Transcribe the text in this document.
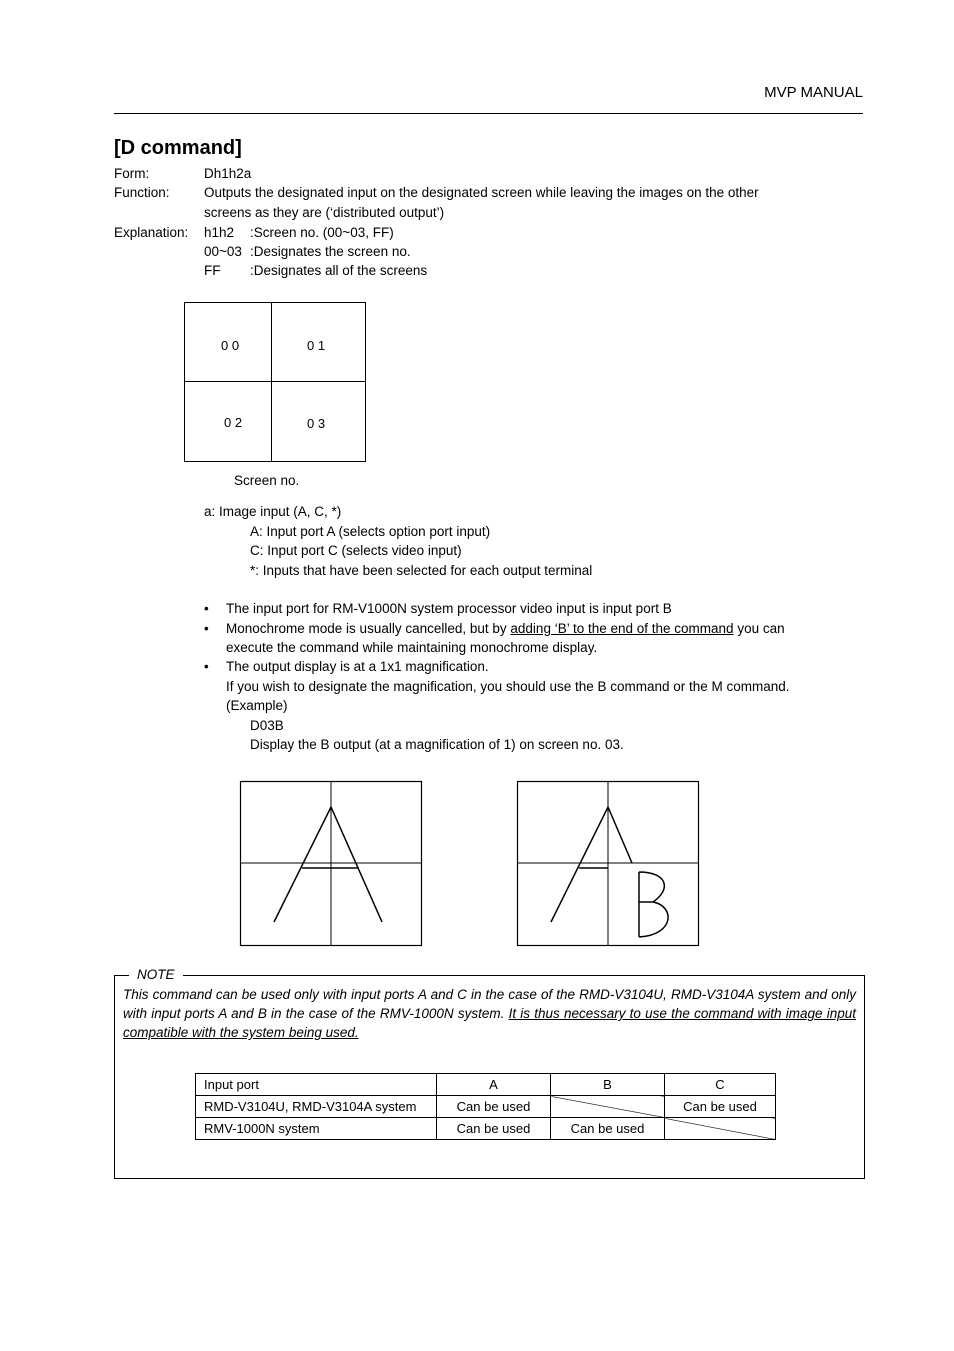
MVP MANUAL
[D command]
Form:	Dh1h2a
Function:	Outputs the designated input on the designated screen while leaving the images on the other
screens as they are (‘distributed output’)
Explanation: h1h2 :Screen no. (00~03, FF)
00~03 :Designates the screen no.
FF :Designates all of the screens
0 0	0 1
0 2	0 3
Screen no.
a: Image input (A, C, *)
A: Input port A (selects option port input)
C: Input port C (selects video input)
*: Inputs that have been selected for each output terminal
• The input port for RM-V1000N system processor video input is input port B
• Monochrome mode is usually cancelled, but by adding ‘B’ to the end of the command you can
execute the command while maintaining monochrome display.
• The output display is at a 1x1 magnification.
If you wish to designate the magnification, you should use the B command or the M command.
(Example)
D03B
Display the B output (at a magnification of 1) on screen no. 03.
NOTE
This command can be used only with input ports A and C in the case of the RMD-V3104U, RMD-V3104A system and only with input ports A and B in the case of the RMV-1000N system. It is thus necessary to use the command with image input compatible with the system being used.
Input port	A	B	C
RMD-V3104U, RMD-V3104A system	Can be used		Can be used
RMV-1000N system	Can be used	Can be used	
